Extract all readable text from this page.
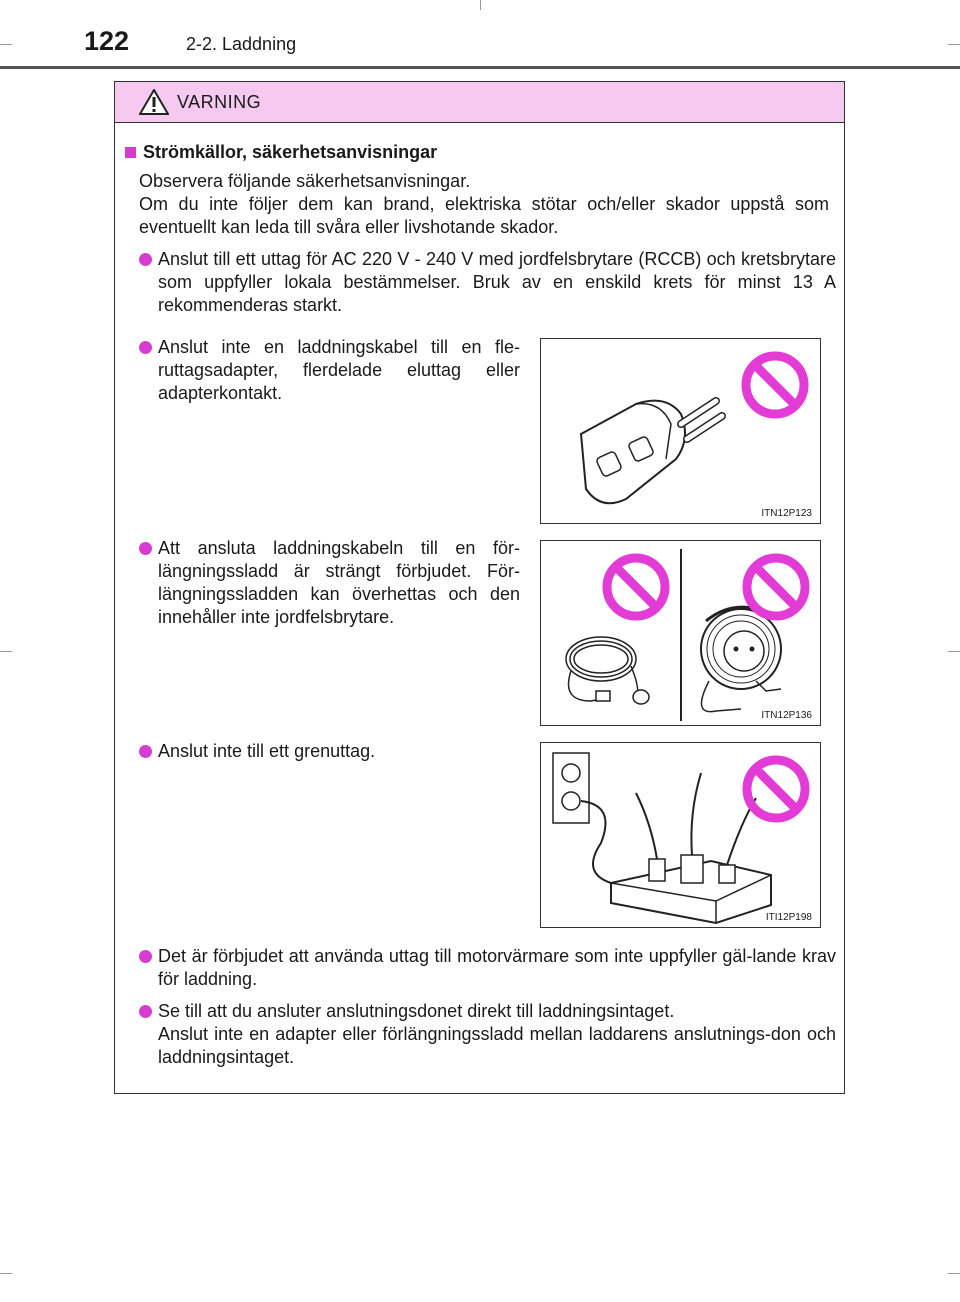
122	2-2. Laddning
VARNING
Strömkällor, säkerhetsanvisningar
Observera följande säkerhetsanvisningar.
Om du inte följer dem kan brand, elektriska stötar och/eller skador uppstå som eventuellt kan leda till svåra eller livshotande skador.
Anslut till ett uttag för AC 220 V - 240 V med jordfelsbrytare (RCCB) och kretsbrytare som uppfyller lokala bestämmelser. Bruk av en enskild krets för minst 13 A rekommenderas starkt.
Anslut inte en laddningskabel till en fle-ruttagsadapter, flerdelade eluttag eller adapterkontakt.
ITN12P123
Att ansluta laddningskabeln till en för-längningssladd är strängt förbjudet. För-längningssladden kan överhettas och den innehåller inte jordfelsbrytare.
ITN12P136
Anslut inte till ett grenuttag.
ITI12P198
Det är förbjudet att använda uttag till motorvärmare som inte uppfyller gäl-lande krav för laddning.
Se till att du ansluter anslutningsdonet direkt till laddningsintaget.
Anslut inte en adapter eller förlängningssladd mellan laddarens anslutnings-don och laddningsintaget.
